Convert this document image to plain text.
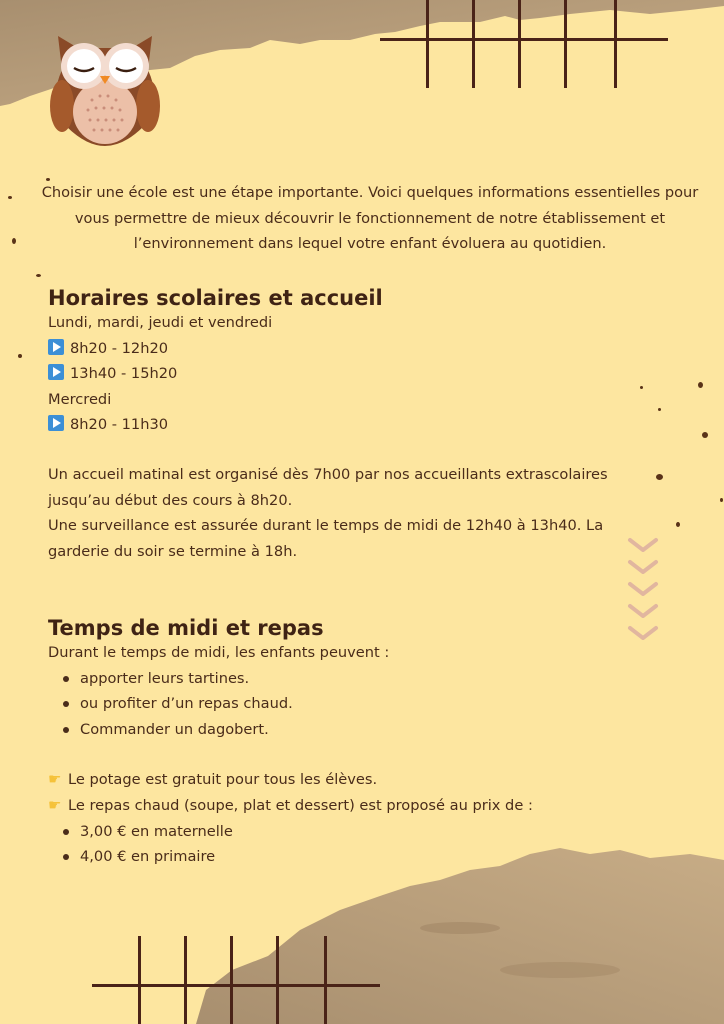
Choisir une école est une étape importante. Voici quelques informations essentielles pour vous permettre de mieux découvrir le fonctionnement de notre établissement et l’environnement dans lequel votre enfant évoluera au quotidien.
Horaires scolaires et accueil
Lundi, mardi, jeudi et vendredi
8h20 - 12h20
13h40 - 15h20
Mercredi
8h20 - 11h30
Un accueil matinal est organisé dès 7h00 par nos accueillants extrascolaires jusqu’au début des cours à 8h20.
Une surveillance est assurée durant le temps de midi de 12h40 à 13h40. La garderie du soir se termine à 18h.
Temps de midi et repas
Durant le temps de midi, les enfants peuvent :
apporter leurs tartines.
ou profiter d’un repas chaud.
Commander un dagobert.
☛ Le potage est gratuit pour tous les élèves.
☛ Le repas chaud (soupe, plat et dessert) est proposé au prix de :
3,00 € en maternelle
4,00 € en primaire
